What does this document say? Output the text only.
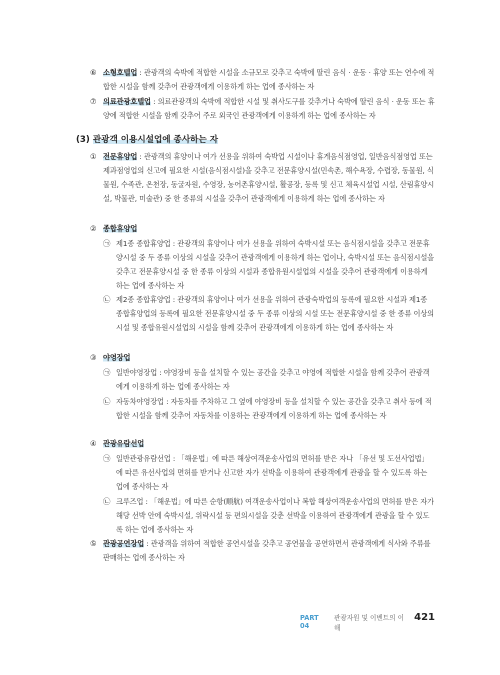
⑥ 소형호텔업 : 관광객의 숙박에 적합한 시설을 소규모로 갖추고 숙박에 딸린 음식 · 운동 · 휴양 또는 연수에 적합한 시설을 함께 갖추어 관광객에게 이용하게 하는 업에 종사하는 자
⑦ 의료관광호텔업 : 의료관광객의 숙박에 적합한 시설 및 취사도구를 갖추거나 숙박에 딸린 음식 · 운동 또는 휴양에 적합한 시설을 함께 갖추어 주로 외국인 관광객에게 이용하게 하는 업에 종사하는 자
(3) 관광객 이용시설업에 종사하는 자
① 전문휴양업 : 관광객의 휴양이나 여가 선용을 위하여 숙박업 시설이나 휴게음식점영업, 일반음식점영업 또는 제과점영업의 신고에 필요한 시설(음식점시설)을 갖추고 전문휴양시설(민속촌, 해수욕장, 수렵장, 동물원, 식물원, 수족관, 온천장, 동굴자원, 수영장, 농어촌휴양시설, 활공장, 등록 및 신고 체육시설업 시설, 산림휴양시설, 박물관, 미술관) 중 한 종류의 시설을 갖추어 관광객에게 이용하게 하는 업에 종사하는 자
② 종합휴양업
㉠ 제1종 종합휴양업 : 관광객의 휴양이나 여가 선용을 위하여 숙박시설 또는 음식점시설을 갖추고 전문휴양시설 중 두 종류 이상의 시설을 갖추어 관광객에게 이용하게 하는 업이나, 숙박시설 또는 음식점시설을 갖추고 전문휴양시설 중 한 종류 이상의 시설과 종합유원시설업의 시설을 갖추어 관광객에게 이용하게 하는 업에 종사하는 자
㉡ 제2종 종합휴양업 : 관광객의 휴양이나 여가 선용을 위하여 관광숙박업의 등록에 필요한 시설과 제1종 종합휴양업의 등록에 필요한 전문휴양시설 중 두 종류 이상의 시설 또는 전문휴양시설 중 한 종류 이상의 시설 및 종합유원시설업의 시설을 함께 갖추어 관광객에게 이용하게 하는 업에 종사하는 자
③ 야영장업
㉠ 일반야영장업 : 야영장비 등을 설치할 수 있는 공간을 갖추고 야영에 적합한 시설을 함께 갖추어 관광객에게 이용하게 하는 업에 종사하는 자
㉡ 자동차야영장업 : 자동차를 주차하고 그 옆에 야영장비 등을 설치할 수 있는 공간을 갖추고 취사 등에 적합한 시설을 함께 갖추어 자동차를 이용하는 관광객에게 이용하게 하는 업에 종사하는 자
④ 관광유람선업
㉠ 일반관광유람선업 : 「해운법」에 따른 해상여객운송사업의 면허를 받은 자나 「유선 및 도선사업법」에 따른 유선사업의 면허를 받거나 신고한 자가 선박을 이용하여 관광객에게 관광을 할 수 있도록 하는 업에 종사하는 자
㉡ 크루즈업 : 「해운법」에 따른 순항(順航) 여객운송사업이나 복합 해상여객운송사업의 면허를 받은 자가 해당 선박 안에 숙박시설, 위락시설 등 편의시설을 갖춘 선박을 이용하여 관광객에게 관광을 할 수 있도록 하는 업에 종사하는 자
⑤ 관광공연장업 : 관광객을 위하여 적합한 공연시설을 갖추고 공연물을 공연하면서 관광객에게 식사와 주류를 판매하는 업에 종사하는 자
PART 04
관광자원 및 이벤트의 이해
421
